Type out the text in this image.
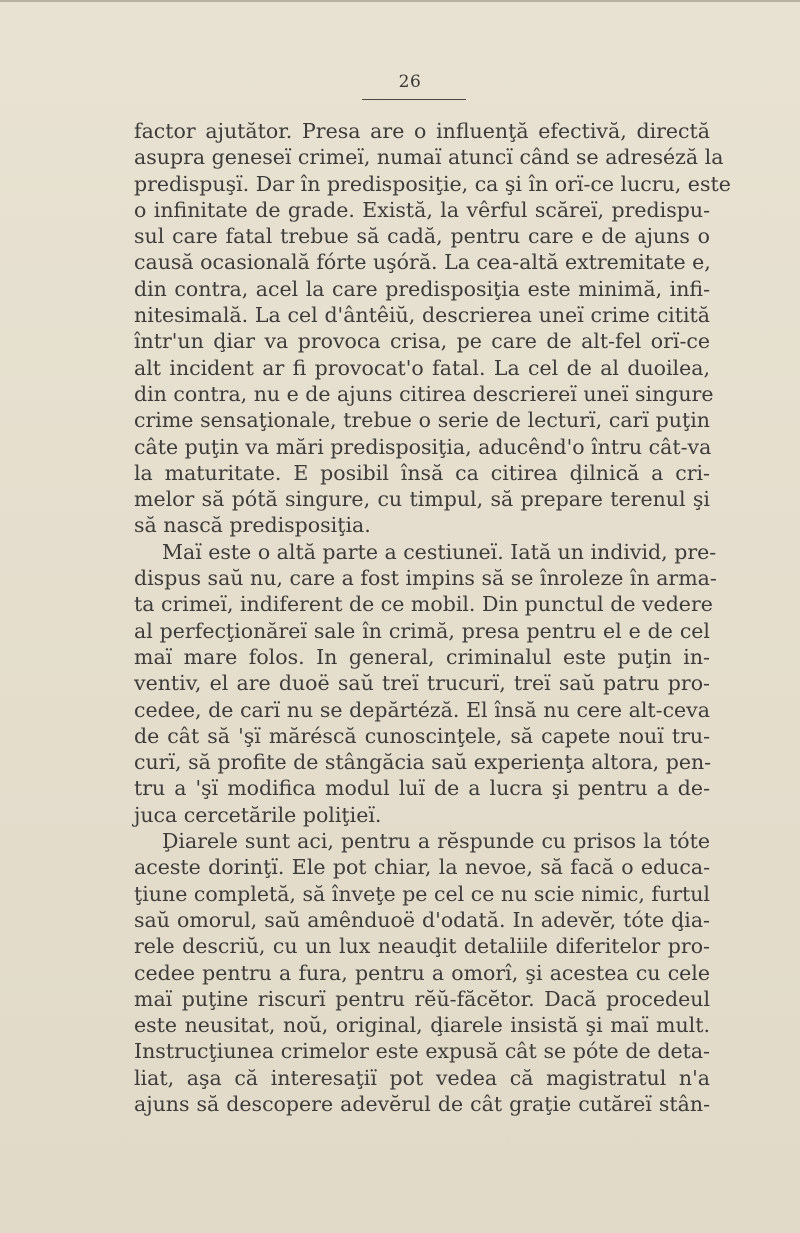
26
factor ajutător. Presa are o influenţă efectivă, directă
asupra geneseï crimeï, numaï atuncï când se adreséză la
predispuşï. Dar în predisposiţie, ca şi în orï-ce lucru, este
o infinitate de grade. Există, la vêrful scăreï, predispu-
sul care fatal trebue să cadă, pentru care e de ajuns o
causă ocasională fórte uşóră. La cea-altă extremitate e,
din contra, acel la care predisposiţia este minimă, infi-
nitesimală. La cel d'ântêiŭ, descrierea uneï crime citită
într'un ḑiar va provoca crisa, pe care de alt-fel orï-ce
alt incident ar fi provocat'o fatal. La cel de al duoilea,
din contra, nu e de ajuns citirea descriereï uneï singure
crime sensaţionale, trebue o serie de lecturï, carï puţin
câte puţin va mări predisposiţia, aducênd'o întru cât-va
la maturitate. E posibil însă ca citirea ḑilnică a cri-
melor să pótă singure, cu timpul, să prepare terenul şi
să nască predisposiţia.
Maï este o altă parte a cestiuneï. Iată un individ, pre-
dispus saŭ nu, care a fost impins să se înroleze în arma-
ta crimeï, indiferent de ce mobil. Din punctul de vedere
al perfecţionăreï sale în crimă, presa pentru el e de cel
maï mare folos. In general, criminalul este puţin in-
ventiv, el are duoë saŭ treï trucurï, treï saŭ patru pro-
cedee, de carï nu se depărtéză. El însă nu cere alt-ceva
de cât să 'şï măréscă cunoscinţele, să capete nouï tru-
curï, să profite de stângăcia saŭ experienţa altora, pen-
tru a 'şï modifica modul luï de a lucra şi pentru a de-
juca cercetările poliţieï.
Ḑiarele sunt aci, pentru a rĕspunde cu prisos la tóte
aceste dorinţï. Ele pot chiar, la nevoe, să facă o educa-
ţiune completă, să înveţe pe cel ce nu scie nimic, furtul
saŭ omorul, saŭ amênduoë d'odată. In adevĕr, tóte ḑia-
rele descriŭ, cu un lux neauḑit detaliile diferitelor pro-
cedee pentru a fura, pentru a omorî, şi acestea cu cele
maï puţine riscurï pentru rĕŭ-făcĕtor. Dacă procedeul
este neusitat, noŭ, original, ḑiarele insistă şi maï mult.
Instrucţiunea crimelor este expusă cât se póte de deta-
liat, aşa că interesaţiï pot vedea că magistratul n'a
ajuns să descopere adevĕrul de cât graţie cutăreï stân-
